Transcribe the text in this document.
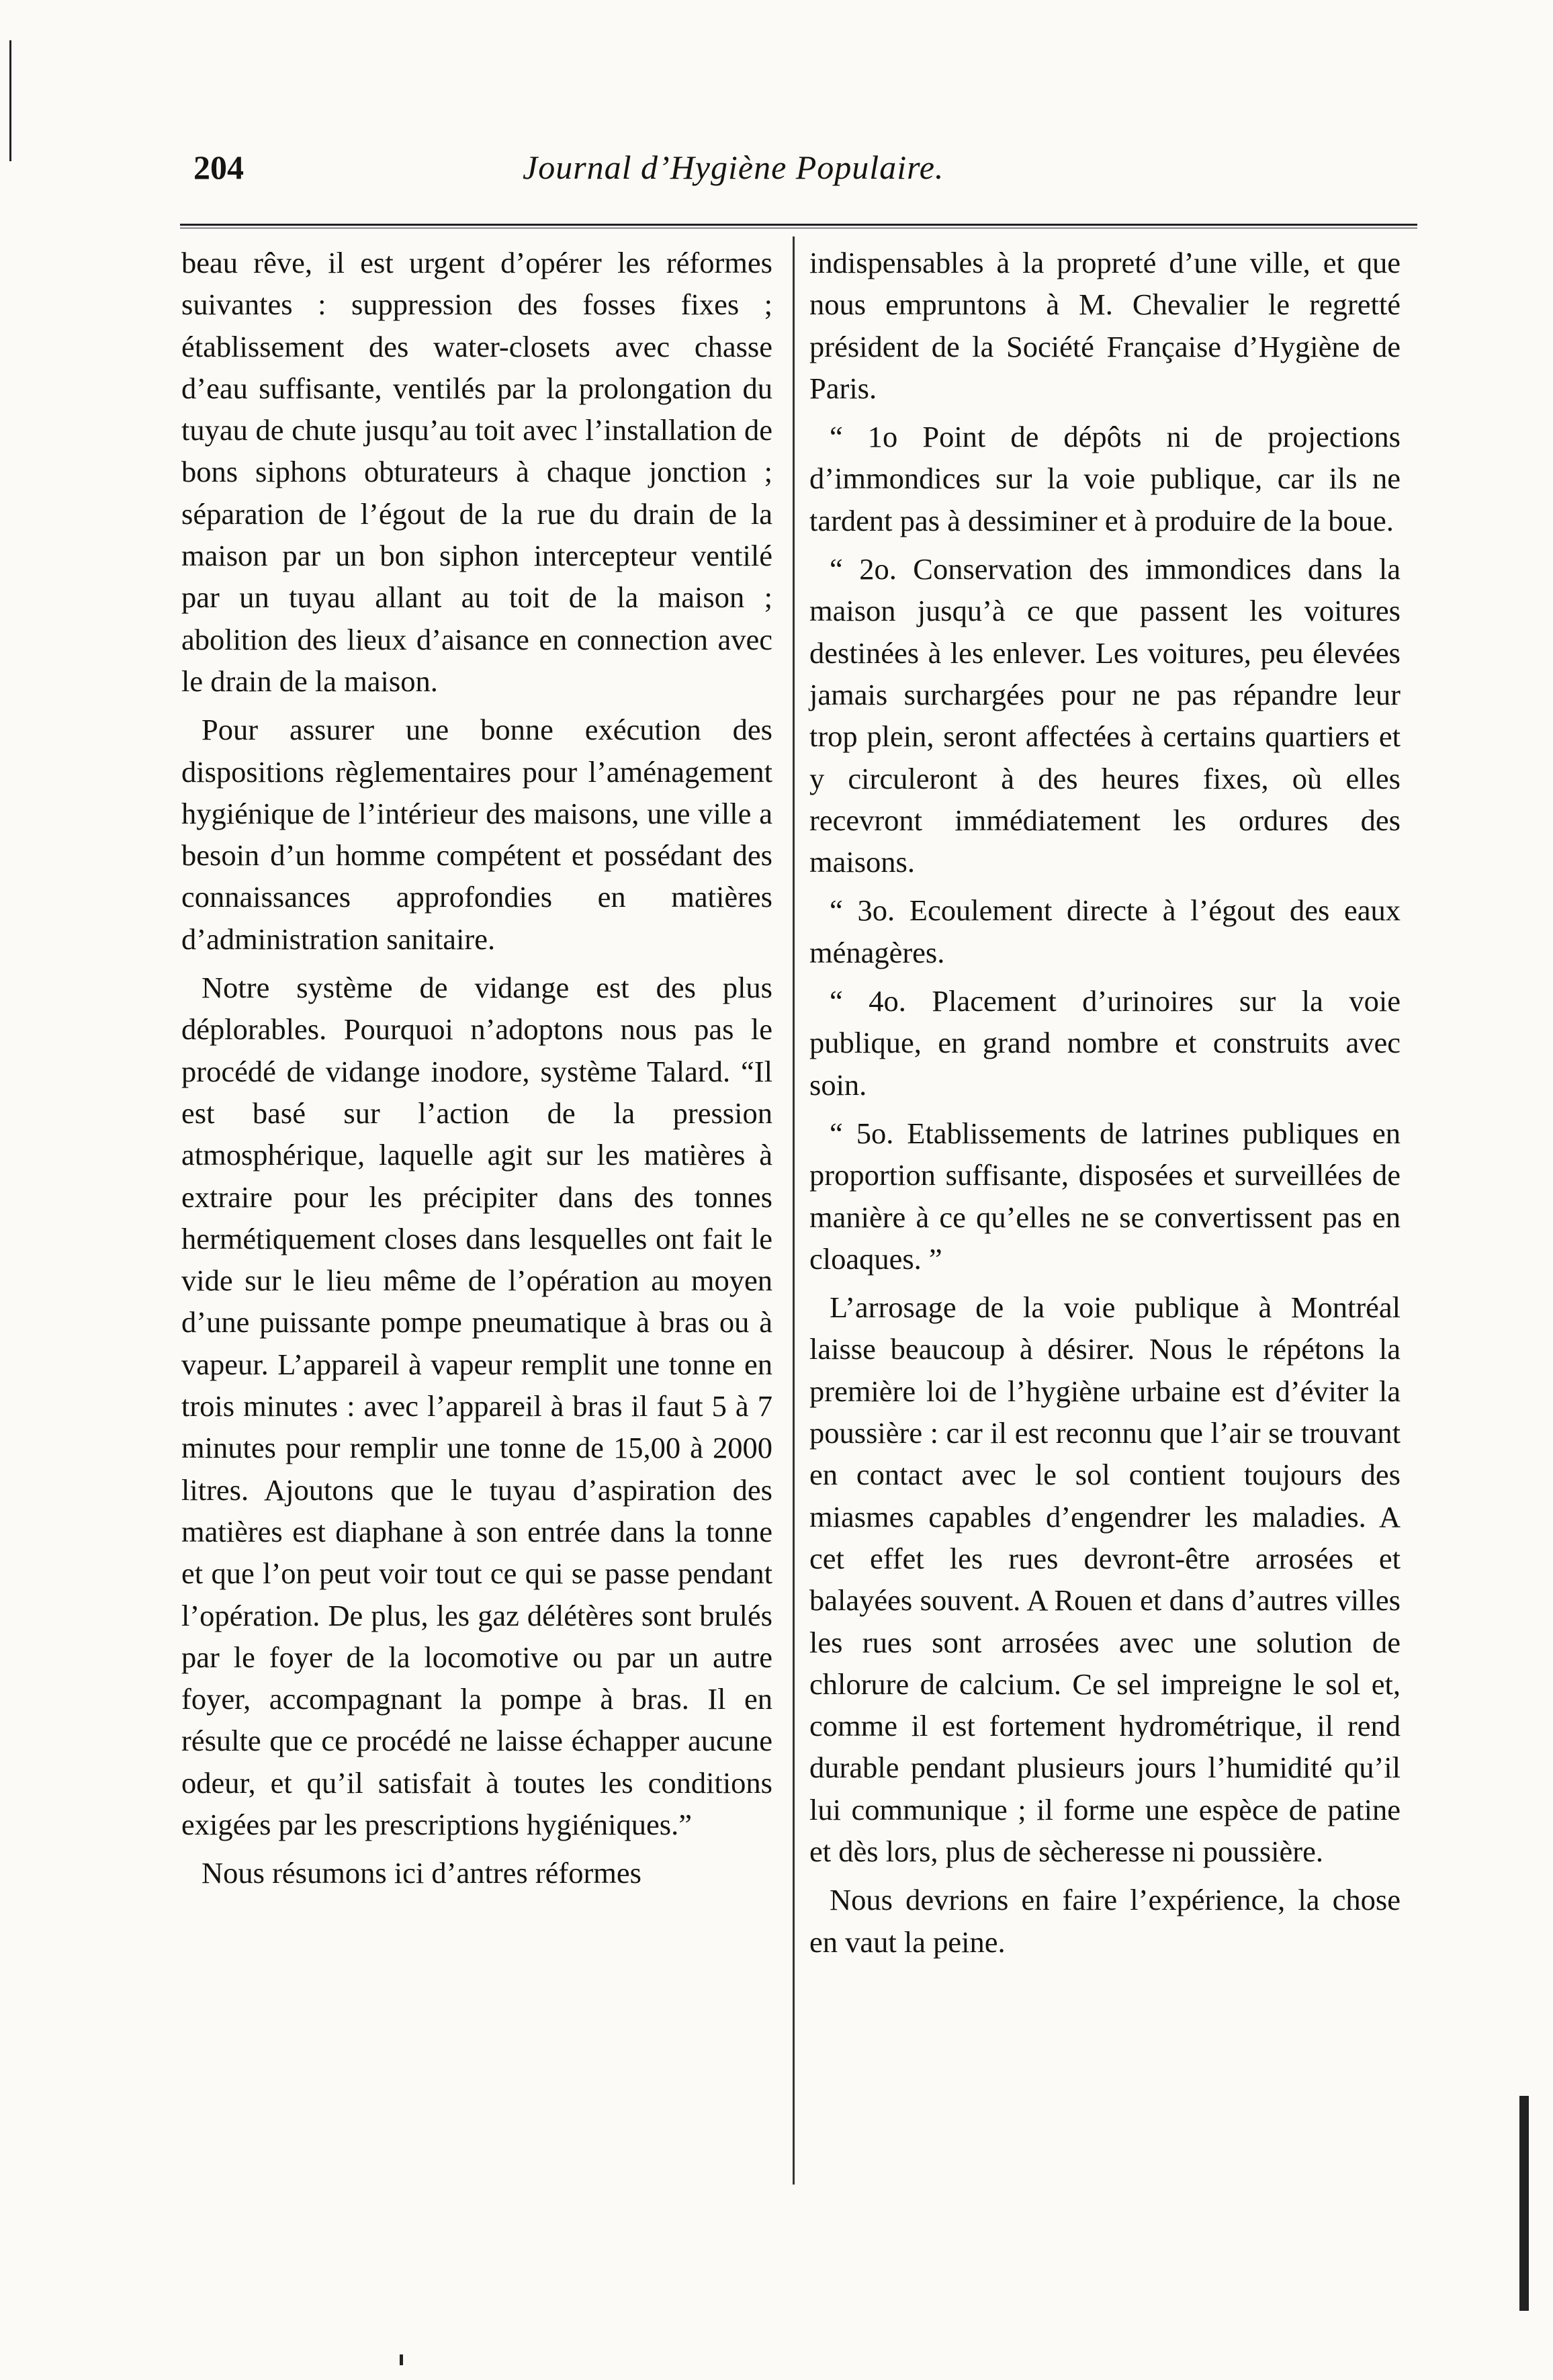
204	Journal d’Hygiène Populaire.

beau rêve, il est urgent d’opérer les réformes suivantes : suppression des fosses fixes ; établissement des water-closets avec chasse d’eau suffisante, ventilés par la prolongation du tuyau de chute jusqu’au toit avec l’installation de bons siphons obturateurs à chaque jonction ; séparation de l’égout de la rue du drain de la maison par un bon siphon intercepteur ventilé par un tuyau allant au toit de la maison ; abolition des lieux d’aisance en connection avec le drain de la maison.

Pour assurer une bonne exécution des dispositions règlementaires pour l’aménagement hygiénique de l’intérieur des maisons, une ville a besoin d’un homme compétent et possédant des connaissances approfondies en matières d’administration sanitaire.

Notre système de vidange est des plus déplorables. Pourquoi n’adoptons nous pas le procédé de vidange inodore, système Talard. “Il est basé sur l’action de la pression atmosphérique, laquelle agit sur les matières à extraire pour les précipiter dans des tonnes hermétiquement closes dans lesquelles ont fait le vide sur le lieu même de l’opération au moyen d’une puissante pompe pneumatique à bras ou à vapeur. L’appareil à vapeur remplit une tonne en trois minutes : avec l’appareil à bras il faut 5 à 7 minutes pour remplir une tonne de 15,00 à 2000 litres. Ajoutons que le tuyau d’aspiration des matières est diaphane à son entrée dans la tonne et que l’on peut voir tout ce qui se passe pendant l’opération. De plus, les gaz délétères sont brulés par le foyer de la locomotive ou par un autre foyer, accompagnant la pompe à bras. Il en résulte que ce procédé ne laisse échapper aucune odeur, et qu’il satisfait à toutes les conditions exigées par les prescriptions hygiéniques.”

Nous résumons ici d’antres réformes

indispensables à la propreté d’une ville, et que nous empruntons à M. Chevalier le regretté président de la Société Française d’Hygiène de Paris.

“ 1o Point de dépôts ni de projections d’immondices sur la voie publique, car ils ne tardent pas à dessiminer et à produire de la boue.

“ 2o. Conservation des immondices dans la maison jusqu’à ce que passent les voitures destinées à les enlever. Les voitures, peu élevées jamais surchargées pour ne pas répandre leur trop plein, seront affectées à certains quartiers et y circuleront à des heures fixes, où elles recevront immédiatement les ordures des maisons.

“ 3o. Ecoulement directe à l’égout des eaux ménagères.

“ 4o. Placement d’urinoires sur la voie publique, en grand nombre et construits avec soin.

“ 5o. Etablissements de latrines publiques en proportion suffisante, disposées et surveillées de manière à ce qu’elles ne se convertissent pas en cloaques. ”

L’arrosage de la voie publique à Montréal laisse beaucoup à désirer. Nous le répétons la première loi de l’hygiène urbaine est d’éviter la poussière : car il est reconnu que l’air se trouvant en contact avec le sol contient toujours des miasmes capables d’engendrer les maladies. A cet effet les rues devront-être arrosées et balayées souvent. A Rouen et dans d’autres villes les rues sont arrosées avec une solution de chlorure de calcium. Ce sel impreigne le sol et, comme il est fortement hydrométrique, il rend durable pendant plusieurs jours l’humidité qu’il lui communique ; il forme une espèce de patine et dès lors, plus de sècheresse ni poussière.

Nous devrions en faire l’expérience, la chose en vaut la peine.
